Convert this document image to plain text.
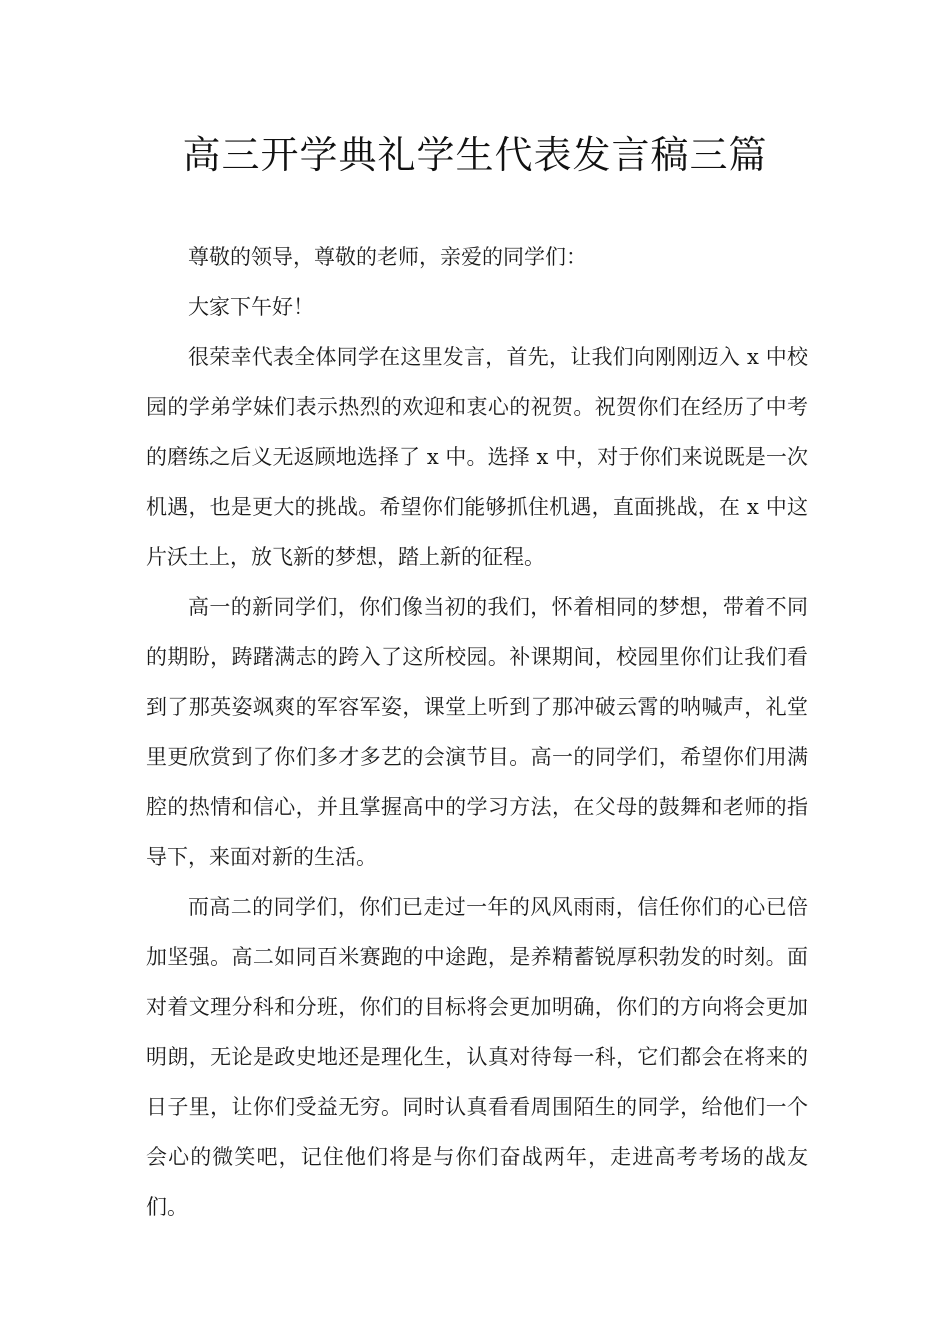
高三开学典礼学生代表发言稿三篇

尊敬的领导，尊敬的老师，亲爱的同学们：

大家下午好！

很荣幸代表全体同学在这里发言，首先，让我们向刚刚迈入 x 中校园的学弟学妹们表示热烈的欢迎和衷心的祝贺。祝贺你们在经历了中考的磨练之后义无返顾地选择了 x 中。选择 x 中，对于你们来说既是一次机遇，也是更大的挑战。希望你们能够抓住机遇，直面挑战，在 x 中这片沃土上，放飞新的梦想，踏上新的征程。

高一的新同学们，你们像当初的我们，怀着相同的梦想，带着不同的期盼，踌躇满志的跨入了这所校园。补课期间，校园里你们让我们看到了那英姿飒爽的军容军姿，课堂上听到了那冲破云霄的呐喊声，礼堂里更欣赏到了你们多才多艺的会演节目。高一的同学们，希望你们用满腔的热情和信心，并且掌握高中的学习方法，在父母的鼓舞和老师的指导下，来面对新的生活。

而高二的同学们，你们已走过一年的风风雨雨，信任你们的心已倍加坚强。高二如同百米赛跑的中途跑，是养精蓄锐厚积勃发的时刻。面对着文理分科和分班，你们的目标将会更加明确，你们的方向将会更加明朗，无论是政史地还是理化生，认真对待每一科，它们都会在将来的日子里，让你们受益无穷。同时认真看看周围陌生的同学，给他们一个会心的微笑吧，记住他们将是与你们奋战两年，走进高考考场的战友们。
